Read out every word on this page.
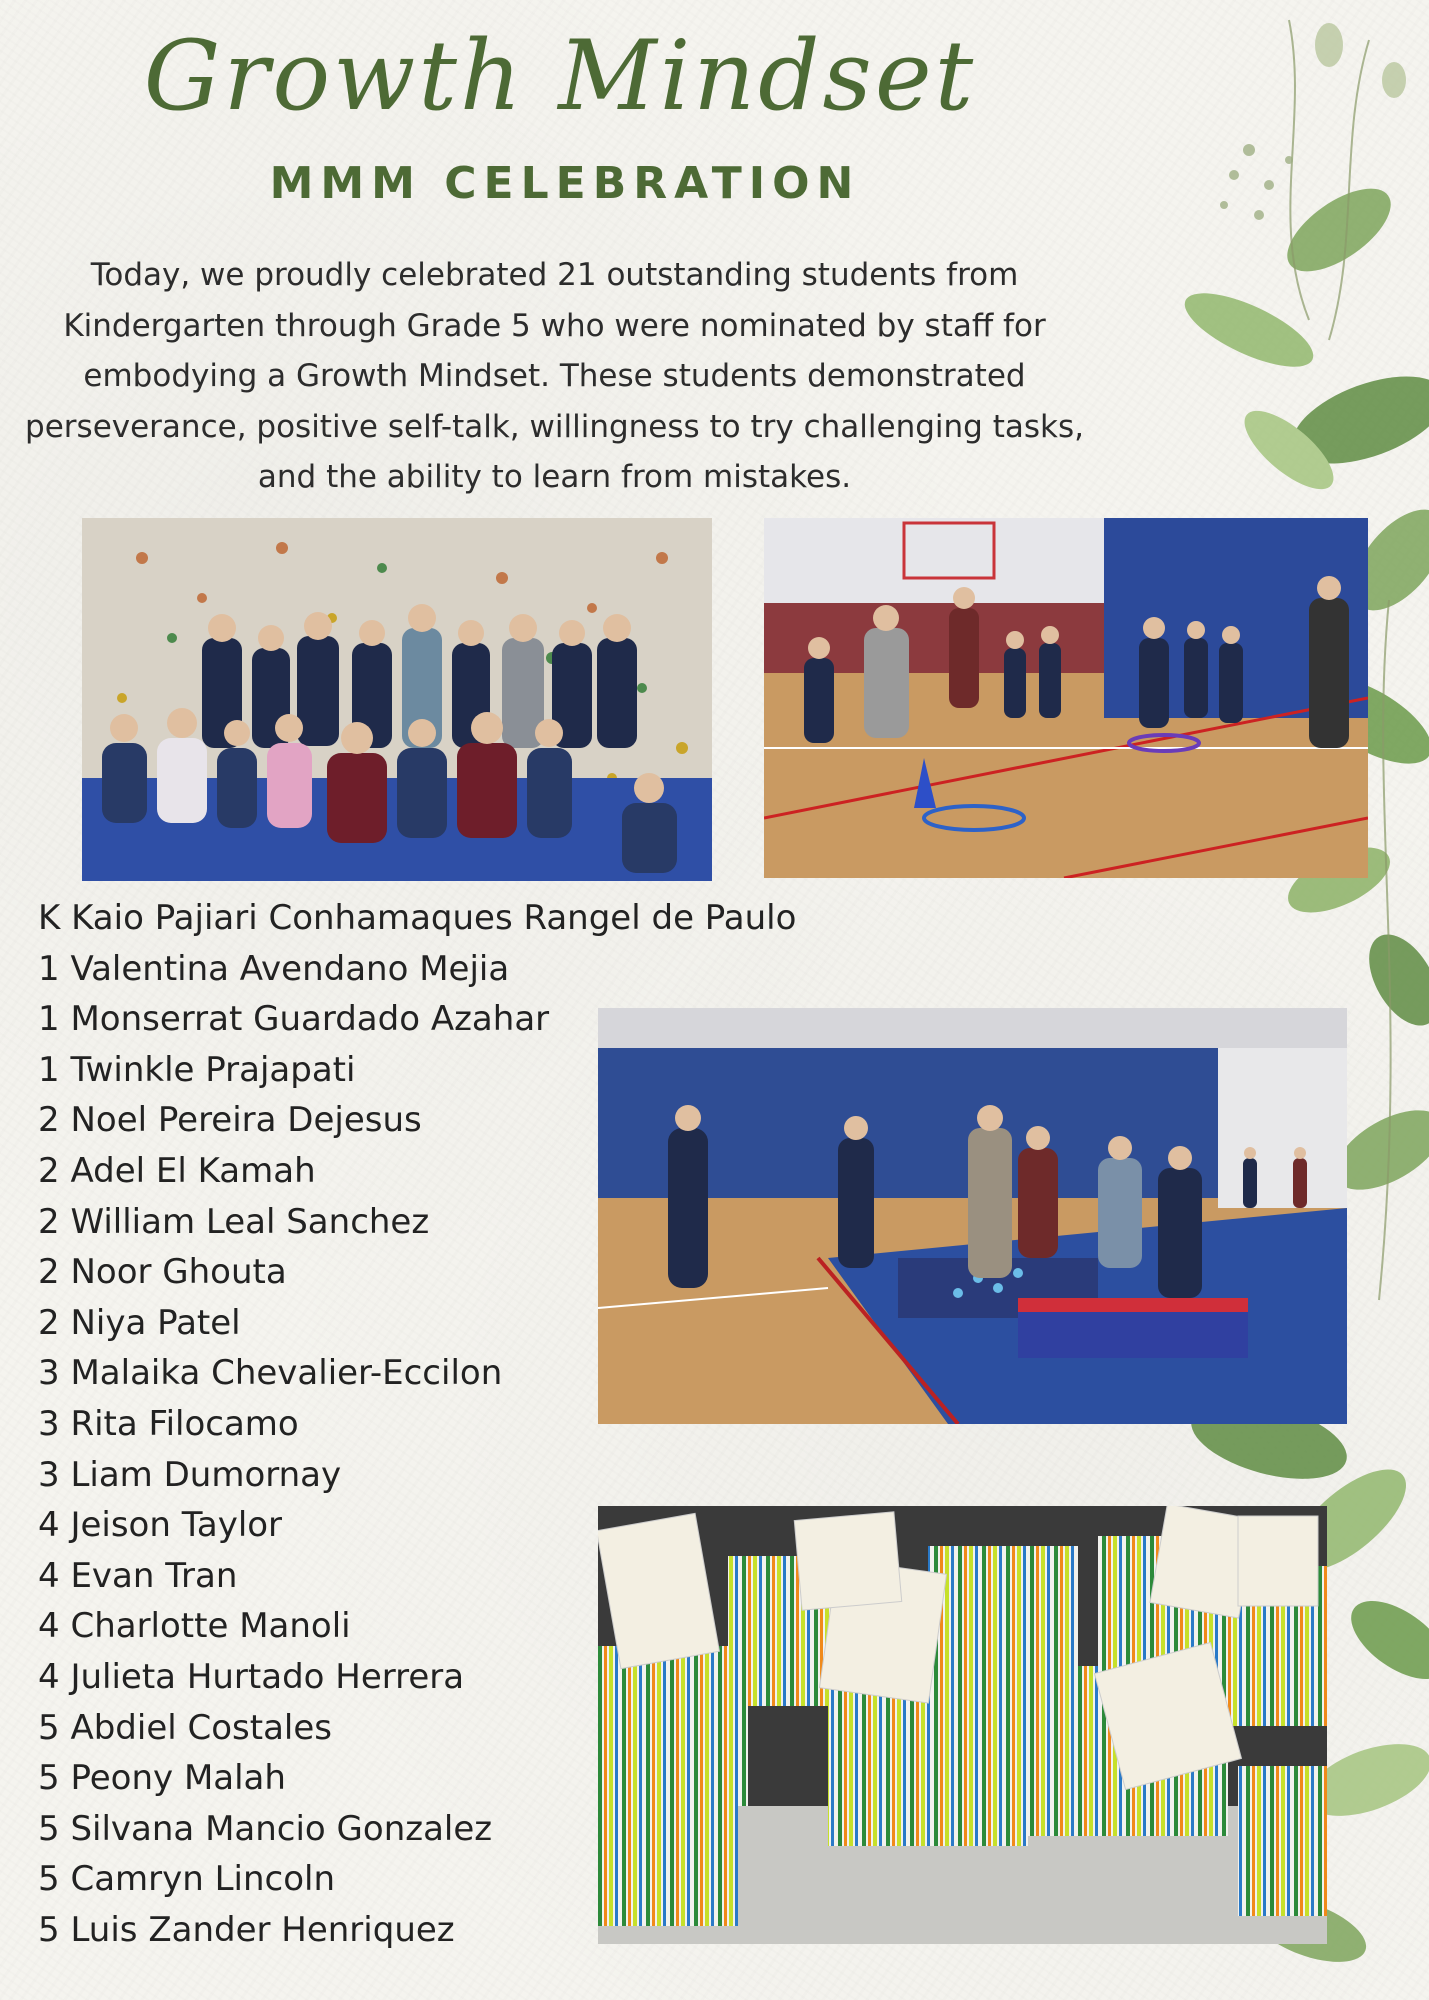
Growth Mindset
MMM CELEBRATION
Today, we proudly celebrated 21 outstanding students from Kindergarten through Grade 5 who were nominated by staff for embodying a Growth Mindset. These students demonstrated perseverance, positive self-talk, willingness to try challenging tasks, and the ability to learn from mistakes.
K Kaio Pajiari Conhamaques Rangel de Paulo
1 Valentina Avendano Mejia
1 Monserrat Guardado Azahar
1 Twinkle Prajapati
2 Noel Pereira Dejesus
2 Adel El Kamah
2 William Leal Sanchez
2 Noor Ghouta
2 Niya Patel
3 Malaika Chevalier-Eccilon
3 Rita Filocamo
3 Liam Dumornay
4 Jeison Taylor
4 Evan Tran
4 Charlotte Manoli
4 Julieta Hurtado Herrera
5 Abdiel Costales
5 Peony Malah
5 Silvana Mancio Gonzalez
5 Camryn Lincoln
5 Luis Zander Henriquez
